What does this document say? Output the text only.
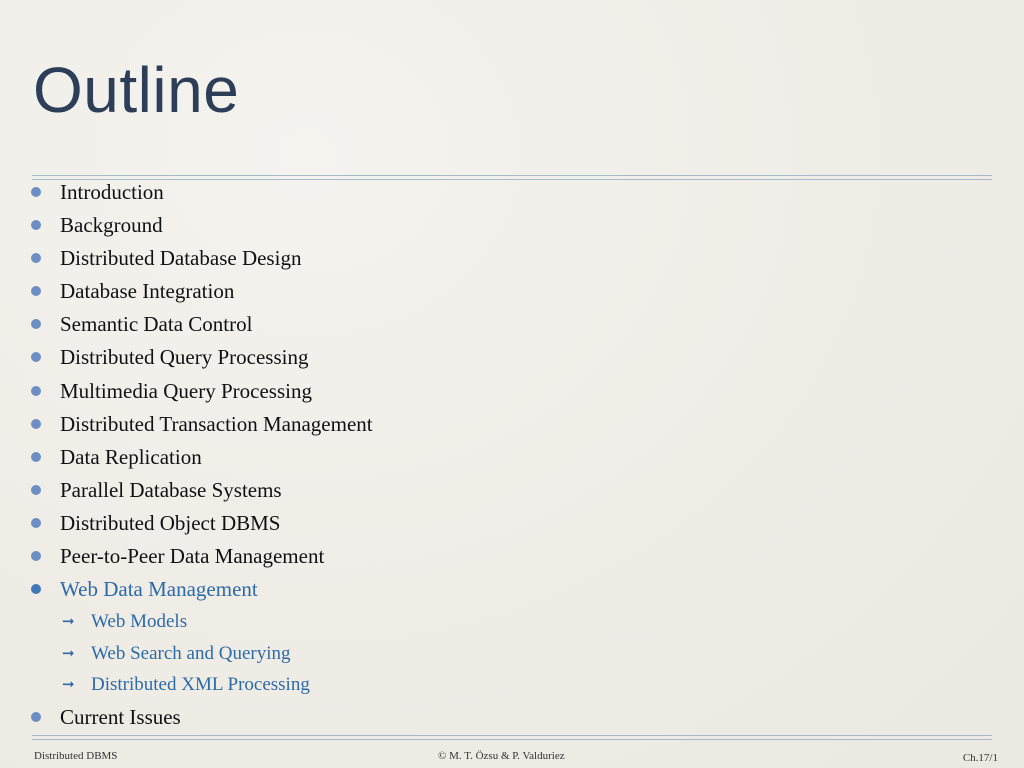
Outline
Introduction
Background
Distributed Database Design
Database Integration
Semantic Data Control
Distributed Query Processing
Multimedia Query Processing
Distributed Transaction Management
Data Replication
Parallel Database Systems
Distributed Object DBMS
Peer-to-Peer Data Management
Web Data Management
➞ Web Models
➞ Web Search and Querying
➞ Distributed XML Processing
Current Issues
Distributed DBMS	© M. T. Özsu & P. Valduriez	Ch.17/1
